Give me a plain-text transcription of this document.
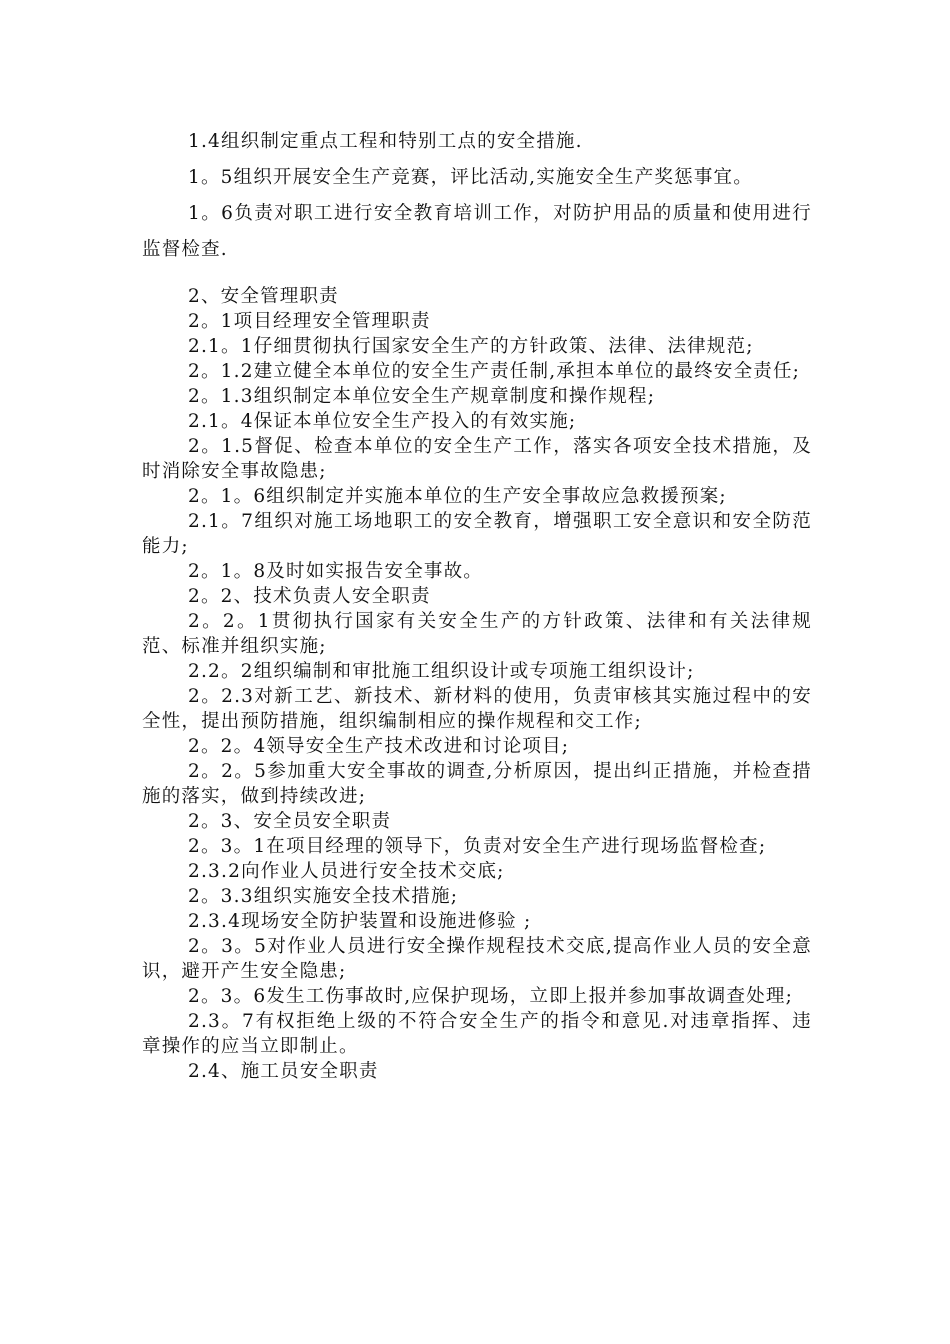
1.4组织制定重点工程和特别工点的安全措施.

1。5组织开展安全生产竞赛，评比活动,实施安全生产奖惩事宜。

1。6负责对职工进行安全教育培训工作，对防护用品的质量和使用进行监督检查.

2、安全管理职责

2。1项目经理安全管理职责

2.1。1仔细贯彻执行国家安全生产的方针政策、法律、法律规范;

2。1.2建立健全本单位的安全生产责任制,承担本单位的最终安全责任;

2。1.3组织制定本单位安全生产规章制度和操作规程;

2.1。4保证本单位安全生产投入的有效实施;

2。1.5督促、检查本单位的安全生产工作，落实各项安全技术措施，及时消除安全事故隐患;

2。1。6组织制定并实施本单位的生产安全事故应急救援预案;

2.1。7组织对施工场地职工的安全教育，增强职工安全意识和安全防范能力;

2。1。8及时如实报告安全事故。

2。2、技术负责人安全职责

2。2。1贯彻执行国家有关安全生产的方针政策、法律和有关法律规范、标准并组织实施;

2.2。2组织编制和审批施工组织设计或专项施工组织设计;

2。2.3对新工艺、新技术、新材料的使用，负责审核其实施过程中的安全性，提出预防措施，组织编制相应的操作规程和交工作;

2。2。4领导安全生产技术改进和讨论项目;

2。2。5参加重大安全事故的调查,分析原因，提出纠正措施，并检查措施的落实，做到持续改进;

2。3、安全员安全职责

2。3。1在项目经理的领导下，负责对安全生产进行现场监督检查;

2.3.2向作业人员进行安全技术交底;

2。3.3组织实施安全技术措施;

2.3.4现场安全防护装置和设施进修验 ;

2。3。5对作业人员进行安全操作规程技术交底,提高作业人员的安全意识，避开产生安全隐患;

2。3。6发生工伤事故时,应保护现场，立即上报并参加事故调查处理;

2.3。7有权拒绝上级的不符合安全生产的指令和意见.对违章指挥、违章操作的应当立即制止。

2.4、施工员安全职责
